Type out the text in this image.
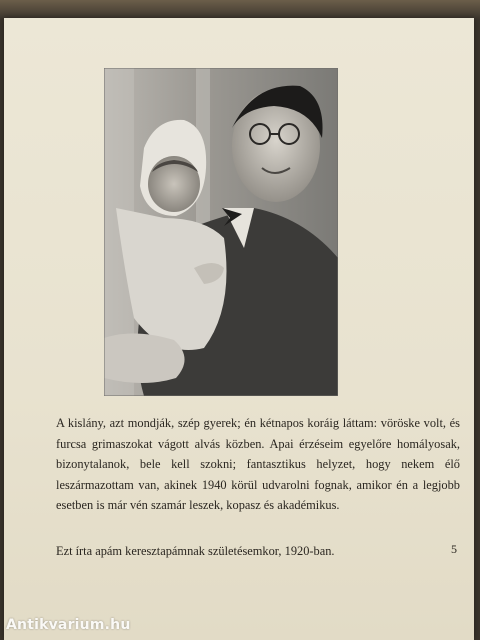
A kislány, azt mondják, szép gyerek; én kétnapos koráig láttam: vöröske volt, és furcsa grimaszokat vágott alvás közben. Apai érzéseim egyelőre homályosak, bizonytalanok, bele kell szokni; fantasztikus helyzet, hogy nekem élő leszármazottam van, akinek 1940 körül udvarolni fognak, amikor én a legjobb esetben is már vén szamár leszek, kopasz és akadémikus.

Ezt írta apám keresztapámnak születésemkor, 1920-ban.	5
Antikvarium.hu
